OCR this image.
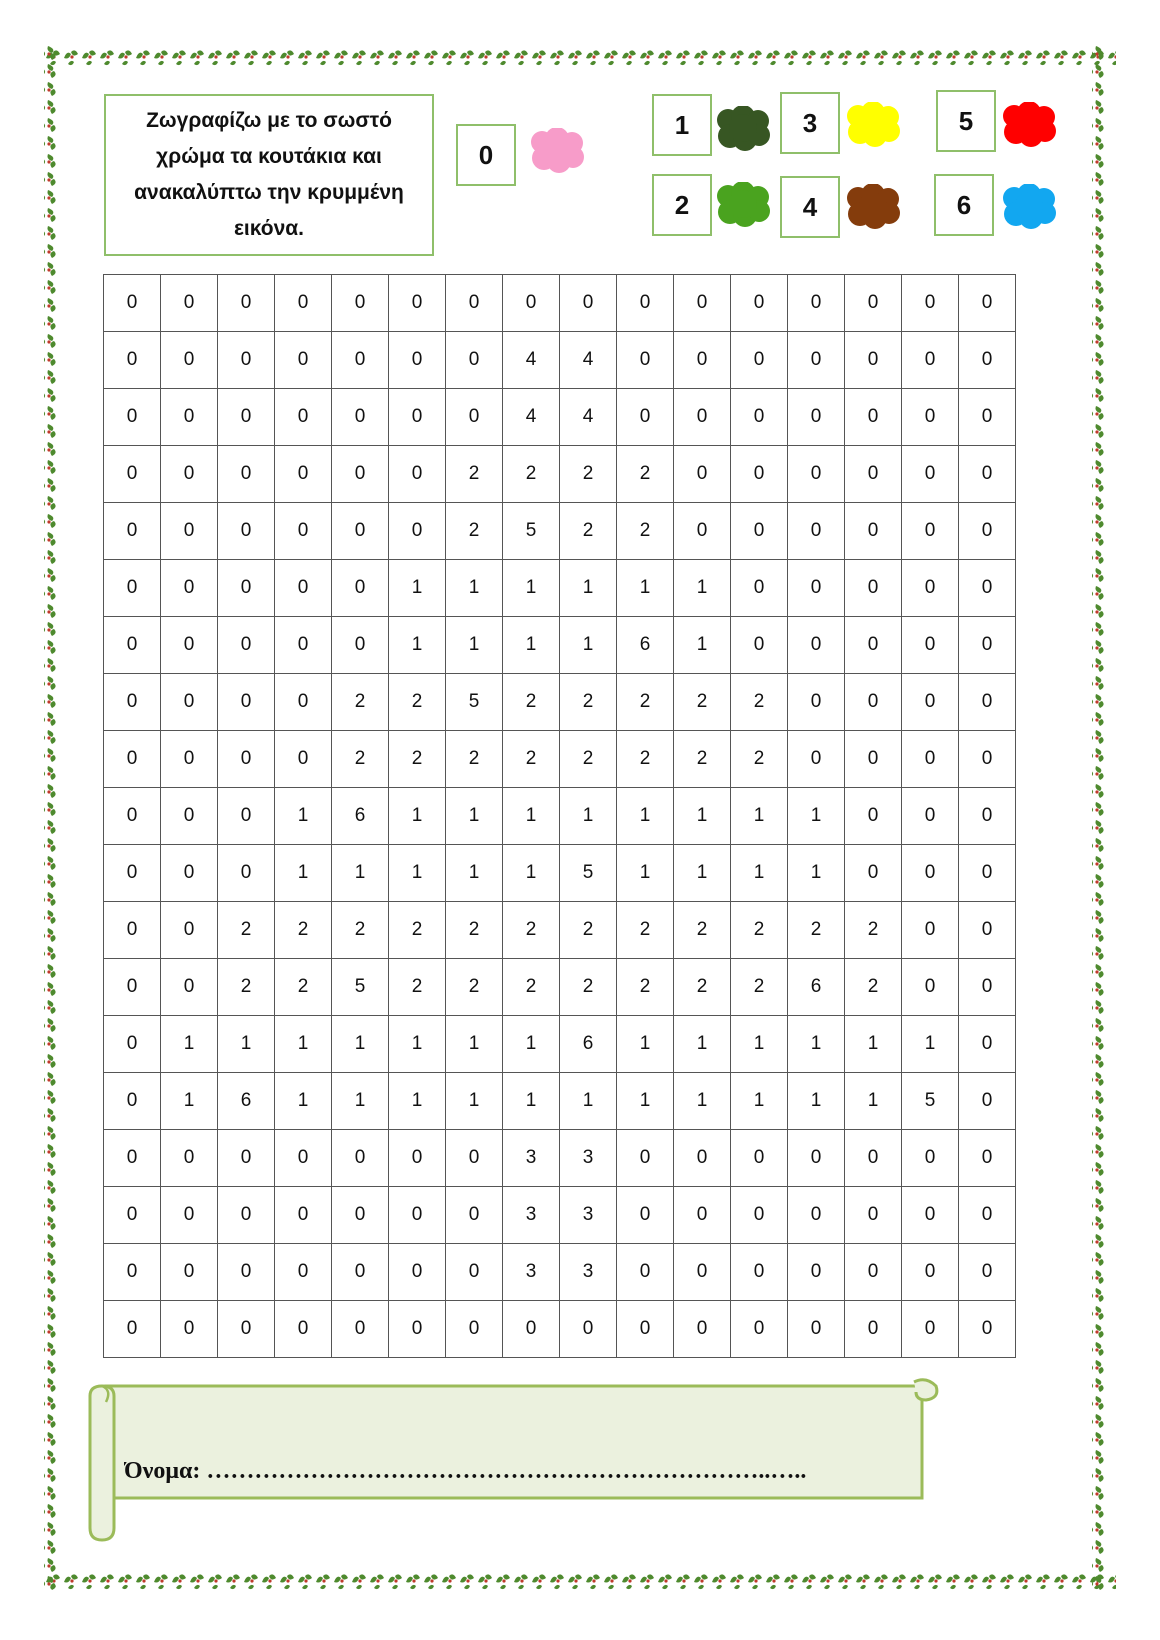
Ζωγραφίζω με το σωστό χρώμα τα κουτάκια και ανακαλύπτω την κρυμμένη εικόνα.
0
1
2
3
4
5
6
0	0	0	0	0	0	0	0	0	0	0	0	0	0	0	0
0	0	0	0	0	0	0	4	4	0	0	0	0	0	0	0
0	0	0	0	0	0	0	4	4	0	0	0	0	0	0	0
0	0	0	0	0	0	2	2	2	2	0	0	0	0	0	0
0	0	0	0	0	0	2	5	2	2	0	0	0	0	0	0
0	0	0	0	0	1	1	1	1	1	1	0	0	0	0	0
0	0	0	0	0	1	1	1	1	6	1	0	0	0	0	0
0	0	0	0	2	2	5	2	2	2	2	2	0	0	0	0
0	0	0	0	2	2	2	2	2	2	2	2	0	0	0	0
0	0	0	1	6	1	1	1	1	1	1	1	1	0	0	0
0	0	0	1	1	1	1	1	5	1	1	1	1	0	0	0
0	0	2	2	2	2	2	2	2	2	2	2	2	2	0	0
0	0	2	2	5	2	2	2	2	2	2	2	6	2	0	0
0	1	1	1	1	1	1	1	6	1	1	1	1	1	1	0
0	1	6	1	1	1	1	1	1	1	1	1	1	1	5	0
0	0	0	0	0	0	0	3	3	0	0	0	0	0	0	0
0	0	0	0	0	0	0	3	3	0	0	0	0	0	0	0
0	0	0	0	0	0	0	3	3	0	0	0	0	0	0	0
0	0	0	0	0	0	0	0	0	0	0	0	0	0	0	0
Όνομα: ……………………………………………………………..…..
